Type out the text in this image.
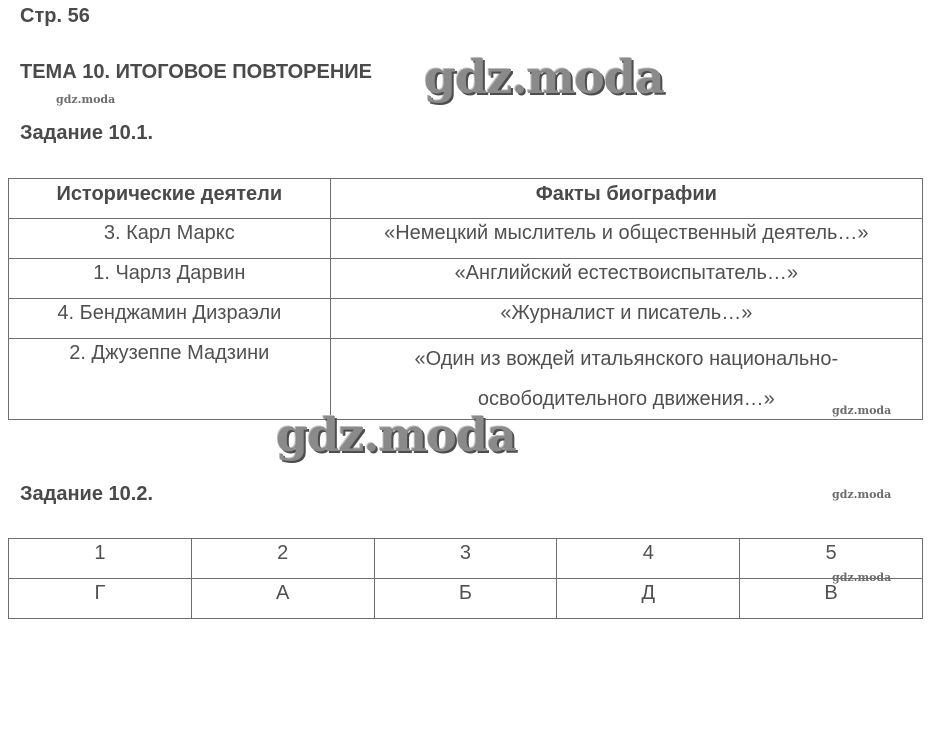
Стр. 56
ТЕМА 10. ИТОГОВОЕ ПОВТОРЕНИЕ gdz.moda
gdz.moda
Задание 10.1.
Исторические деятели	Факты биографии
3. Карл Маркс	«Немецкий мыслитель и общественный деятель…»
1. Чарлз Дарвин	«Английский естествоиспытатель…»
4. Бенджамин Дизраэли	«Журналист и писатель…»
2. Джузеппе Мадзини	«Один из вождей итальянского национально-освободительного движения…»
gdz.moda
gdz.moda
Задание 10.2.	gdz.moda
1	2	3	4	5
Г	А	Б	Д	В
gdz.moda
